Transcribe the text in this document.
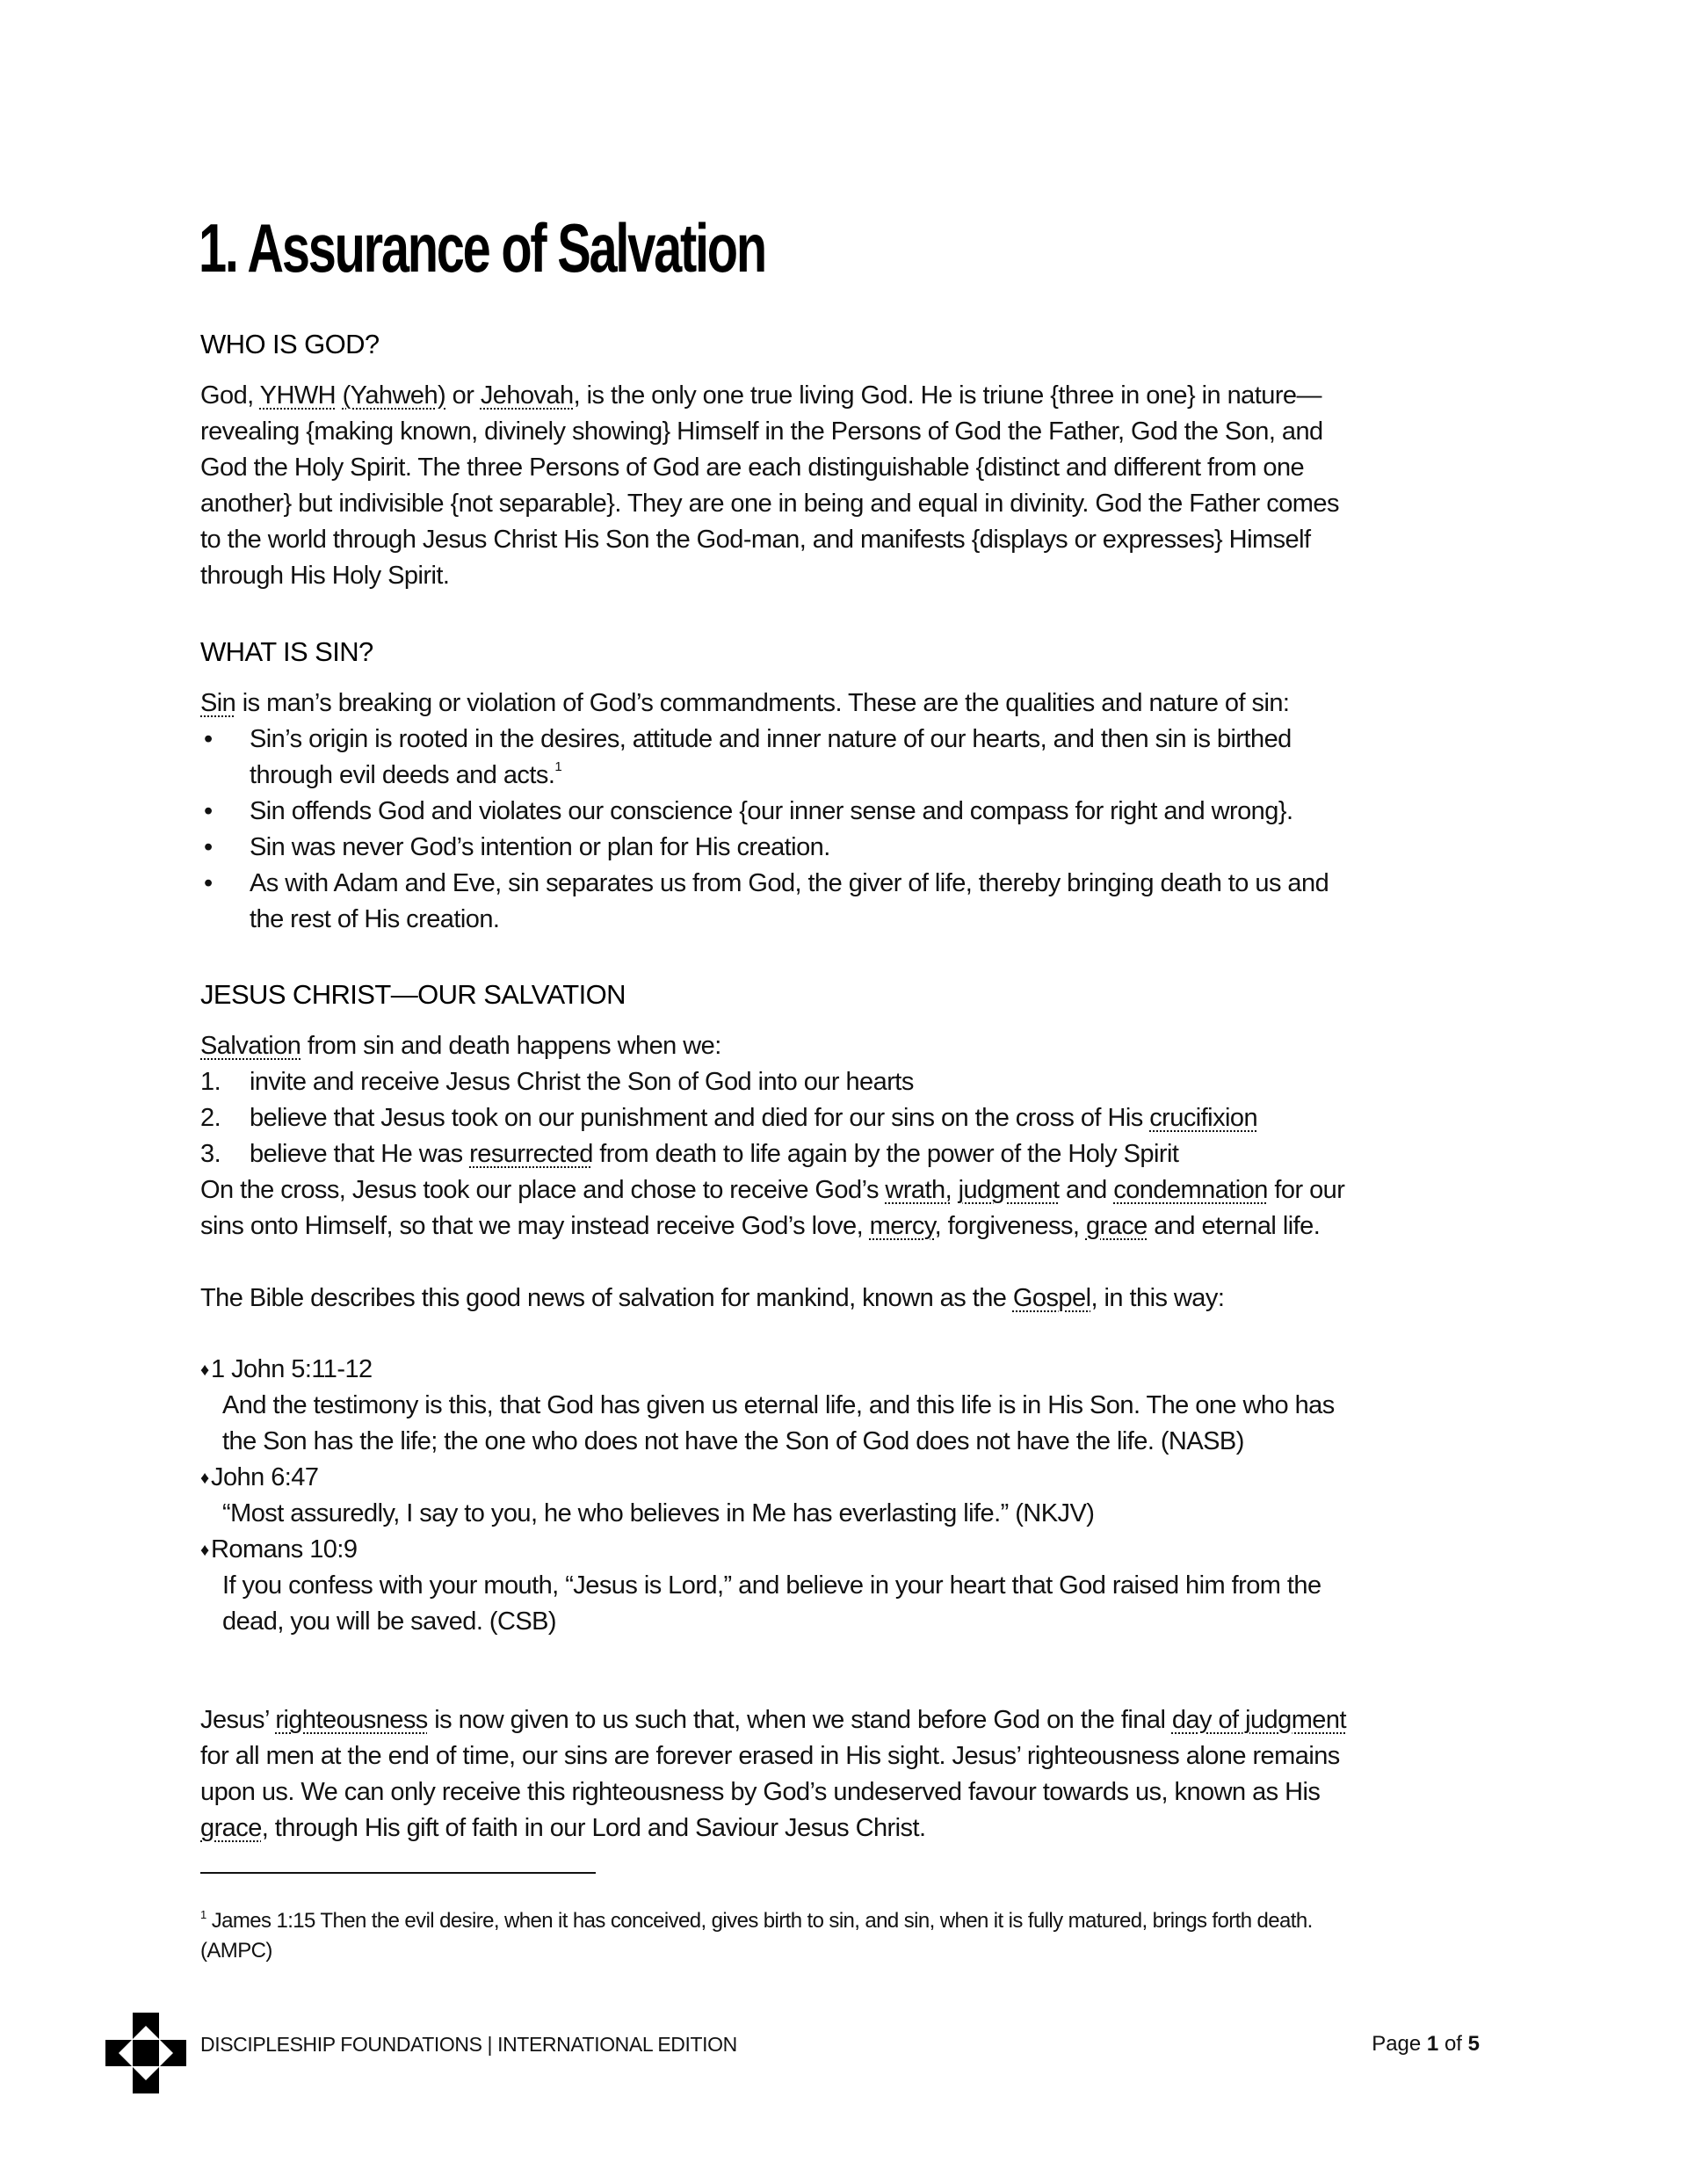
1. Assurance of Salvation
WHO IS GOD?
God, YHWH (Yahweh) or Jehovah, is the only one true living God. He is triune {three in one} in nature—
revealing {making known, divinely showing} Himself in the Persons of God the Father, God the Son, and
God the Holy Spirit. The three Persons of God are each distinguishable {distinct and different from one
another} but indivisible {not separable}. They are one in being and equal in divinity. God the Father comes
to the world through Jesus Christ His Son the God-man, and manifests {displays or expresses} Himself
through His Holy Spirit.
WHAT IS SIN?
Sin is man’s breaking or violation of God’s commandments. These are the qualities and nature of sin:
• Sin’s origin is rooted in the desires, attitude and inner nature of our hearts, and then sin is birthed
through evil deeds and acts.$^1$
• Sin offends God and violates our conscience {our inner sense and compass for right and wrong}.
• Sin was never God’s intention or plan for His creation.
• As with Adam and Eve, sin separates us from God, the giver of life, thereby bringing death to us and
the rest of His creation.
JESUS CHRIST—OUR SALVATION
Salvation from sin and death happens when we:
1. invite and receive Jesus Christ the Son of God into our hearts
2. believe that Jesus took on our punishment and died for our sins on the cross of His crucifixion
3. believe that He was resurrected from death to life again by the power of the Holy Spirit
On the cross, Jesus took our place and chose to receive God’s wrath, judgment and condemnation for our
sins onto Himself, so that we may instead receive God’s love, mercy, forgiveness, grace and eternal life.
The Bible describes this good news of salvation for mankind, known as the Gospel, in this way:
♦1 John 5:11-12
And the testimony is this, that God has given us eternal life, and this life is in His Son. The one who has
the Son has the life; the one who does not have the Son of God does not have the life. (NASB)
♦John 6:47
“Most assuredly, I say to you, he who believes in Me has everlasting life.” (NKJV)
♦Romans 10:9
If you confess with your mouth, “Jesus is Lord,” and believe in your heart that God raised him from the
dead, you will be saved. (CSB)
Jesus’ righteousness is now given to us such that, when we stand before God on the final day of judgment
for all men at the end of time, our sins are forever erased in His sight. Jesus’ righteousness alone remains
upon us. We can only receive this righteousness by God’s undeserved favour towards us, known as His
grace, through His gift of faith in our Lord and Saviour Jesus Christ.
$^1$ James 1:15 Then the evil desire, when it has conceived, gives birth to sin, and sin, when it is fully matured, brings forth death.
(AMPC)
DISCIPLESHIP FOUNDATIONS | INTERNATIONAL EDITION	Page 1 of 5
